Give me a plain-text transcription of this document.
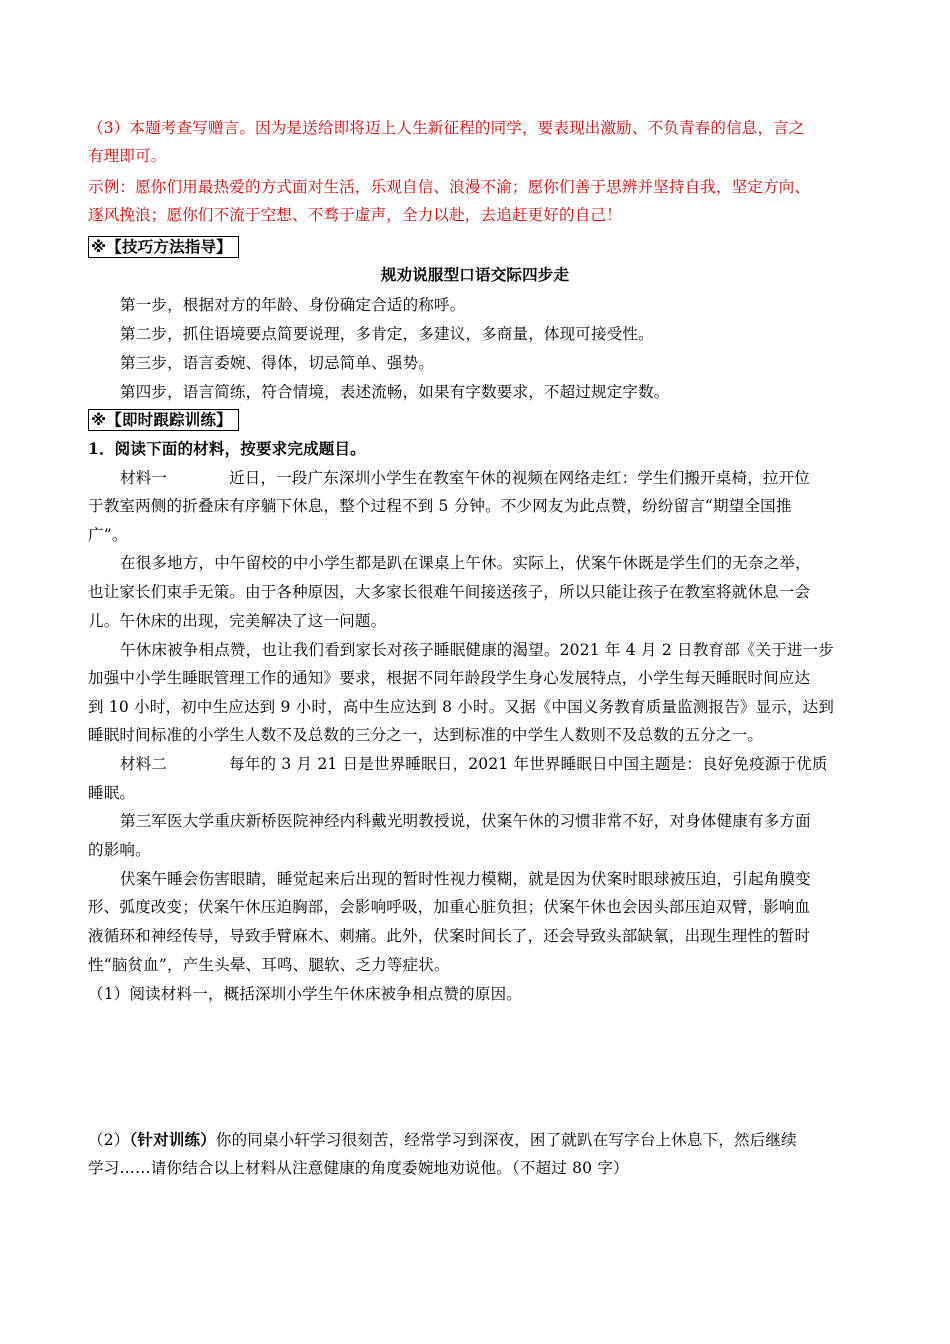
（3）本题考查写赠言。因为是送给即将迈上人生新征程的同学，要表现出激励、不负青春的信息，言之
有理即可。
示例：愿你们用最热爱的方式面对生活，乐观自信、浪漫不渝；愿你们善于思辨并坚持自我，坚定方向、
逐风挽浪；愿你们不流于空想、不骛于虚声，全力以赴，去追赶更好的自己！
※【技巧方法指导】
规劝说服型口语交际四步走
第一步，根据对方的年龄、身份确定合适的称呼。
第二步，抓住语境要点简要说理，多肯定，多建议，多商量，体现可接受性。
第三步，语言委婉、得体，切忌简单、强势。
第四步，语言简练，符合情境，表述流畅，如果有字数要求，不超过规定字数。
※【即时跟踪训练】
1．阅读下面的材料，按要求完成题目。
材料一	近日，一段广东深圳小学生在教室午休的视频在网络走红：学生们搬开桌椅，拉开位
于教室两侧的折叠床有序躺下休息，整个过程不到 5 分钟。不少网友为此点赞，纷纷留言“期望全国推
广”。
在很多地方，中午留校的中小学生都是趴在课桌上午休。实际上，伏案午休既是学生们的无奈之举，
也让家长们束手无策。由于各种原因，大多家长很难午间接送孩子，所以只能让孩子在教室将就休息一会
儿。午休床的出现，完美解决了这一问题。
午休床被争相点赞，也让我们看到家长对孩子睡眠健康的渴望。2021 年 4 月 2 日教育部《关于进一步
加强中小学生睡眠管理工作的通知》要求，根据不同年龄段学生身心发展特点，小学生每天睡眠时间应达
到 10 小时，初中生应达到 9 小时，高中生应达到 8 小时。又据《中国义务教育质量监测报告》显示，达到
睡眠时间标准的小学生人数不及总数的三分之一，达到标准的中学生人数则不及总数的五分之一。
材料二	每年的 3 月 21 日是世界睡眠日，2021 年世界睡眠日中国主题是：良好免疫源于优质
睡眠。
第三军医大学重庆新桥医院神经内科戴光明教授说，伏案午休的习惯非常不好，对身体健康有多方面
的影响。
伏案午睡会伤害眼睛，睡觉起来后出现的暂时性视力模糊，就是因为伏案时眼球被压迫，引起角膜变
形、弧度改变；伏案午休压迫胸部，会影响呼吸，加重心脏负担；伏案午休也会因头部压迫双臂，影响血
液循环和神经传导，导致手臂麻木、刺痛。此外，伏案时间长了，还会导致头部缺氧，出现生理性的暂时
性“脑贫血”，产生头晕、耳鸣、腿软、乏力等症状。
（1）阅读材料一，概括深圳小学生午休床被争相点赞的原因。
（2）（针对训练）你的同桌小轩学习很刻苦，经常学习到深夜，困了就趴在写字台上休息下，然后继续
学习……请你结合以上材料从注意健康的角度委婉地劝说他。（不超过 80 字）
